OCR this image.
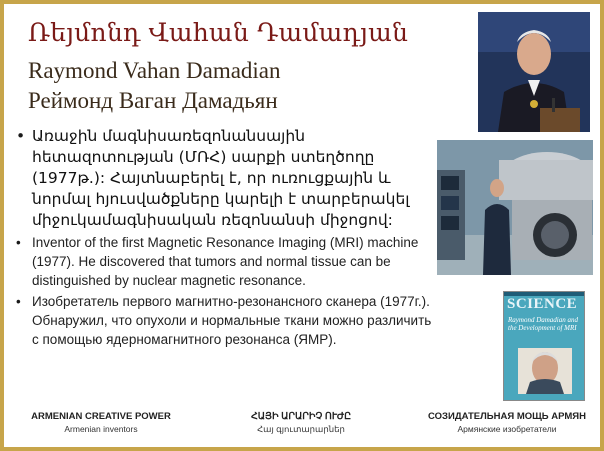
Ռեյմոնդ Վահան Դամադյան
Raymond Vahan Damadian
Реймонд Ваган Дамадьян
SCIENCE
Raymond Damadian and the Development of MRI
• Առաջին մագնիսառեզոնանսային հետազոտության (ՄՌՀ) սարքի ստեղծողը (1977թ.): Հայտնաբերել է, որ ուռուցքային և նորմալ հյուսվածքները կարելի է տարբերակել միջուկամագնիսական ռեզոնանսի միջոցով:
• Inventor of the first Magnetic Resonance Imaging (MRI) machine (1977). He discovered that tumors and normal tissue can be distinguished by nuclear magnetic resonance.
• Изобретатель первого магнитно-резонансного сканера (1977г.). Обнаружил, что опухоли и нормальные ткани можно различить с помощью ядерномагнитного резонанса (ЯМР).
ARMENIAN CREATIVE POWER
Armenian inventors
ՀԱՅԻ ԱՐԱՐԻՉ ՈՒԺԸ
Հայ գյուտարարներ
СОЗИДАТЕЛЬНАЯ МОЩЬ АРМЯН
Армянские изобретатели
